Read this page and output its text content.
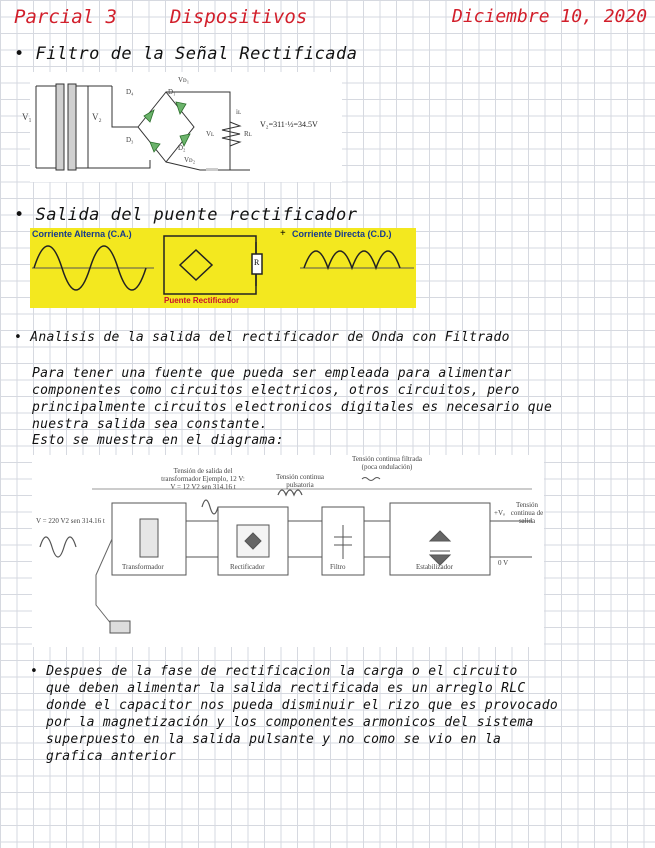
Parcial 3	Dispositivos	Diciembre 10, 2020
• Filtro de la Señal Rectificada
V₁	V₂
Vᴅ₁
D₄	D₁
D₃
D₂
Vᴅ₂
iʟ
Vʟ	Rʟ
V₂=311·½=34.5V
• Salida del puente rectificador
Corriente Alterna (C.A.)	Corriente Directa (C.D.)
Puente Rectificador
R
+
• Analisis de la salida del rectificador de Onda con Filtrado
Para tener una fuente que pueda ser empleada para alimentar
componentes como circuitos electricos, otros circuitos, pero
principalmente circuitos electronicos digitales es necesario que
nuestra salida sea constante.
Esto se muestra en el diagrama:
V = 220 V2 sen 314.16 t
Tensión de salida del transformador Ejemplo, 12 V: V = 12 V2 sen 314.16 t
Tensión continua pulsatoria
Tensión continua filtrada (poca ondulación)
Tensión continua de salida
Transformador	Rectificador	Filtro	Estabilizador
+Vₒ
0 V
• Despues de la fase de rectificacion la carga o el circuito
que deben alimentar la salida rectificada es un arreglo RLC
donde el capacitor nos pueda disminuir el rizo que es provocado
por la magnetización y los componentes armonicos del sistema
superpuesto en la salida pulsante y no como se vio en la
grafica anterior
